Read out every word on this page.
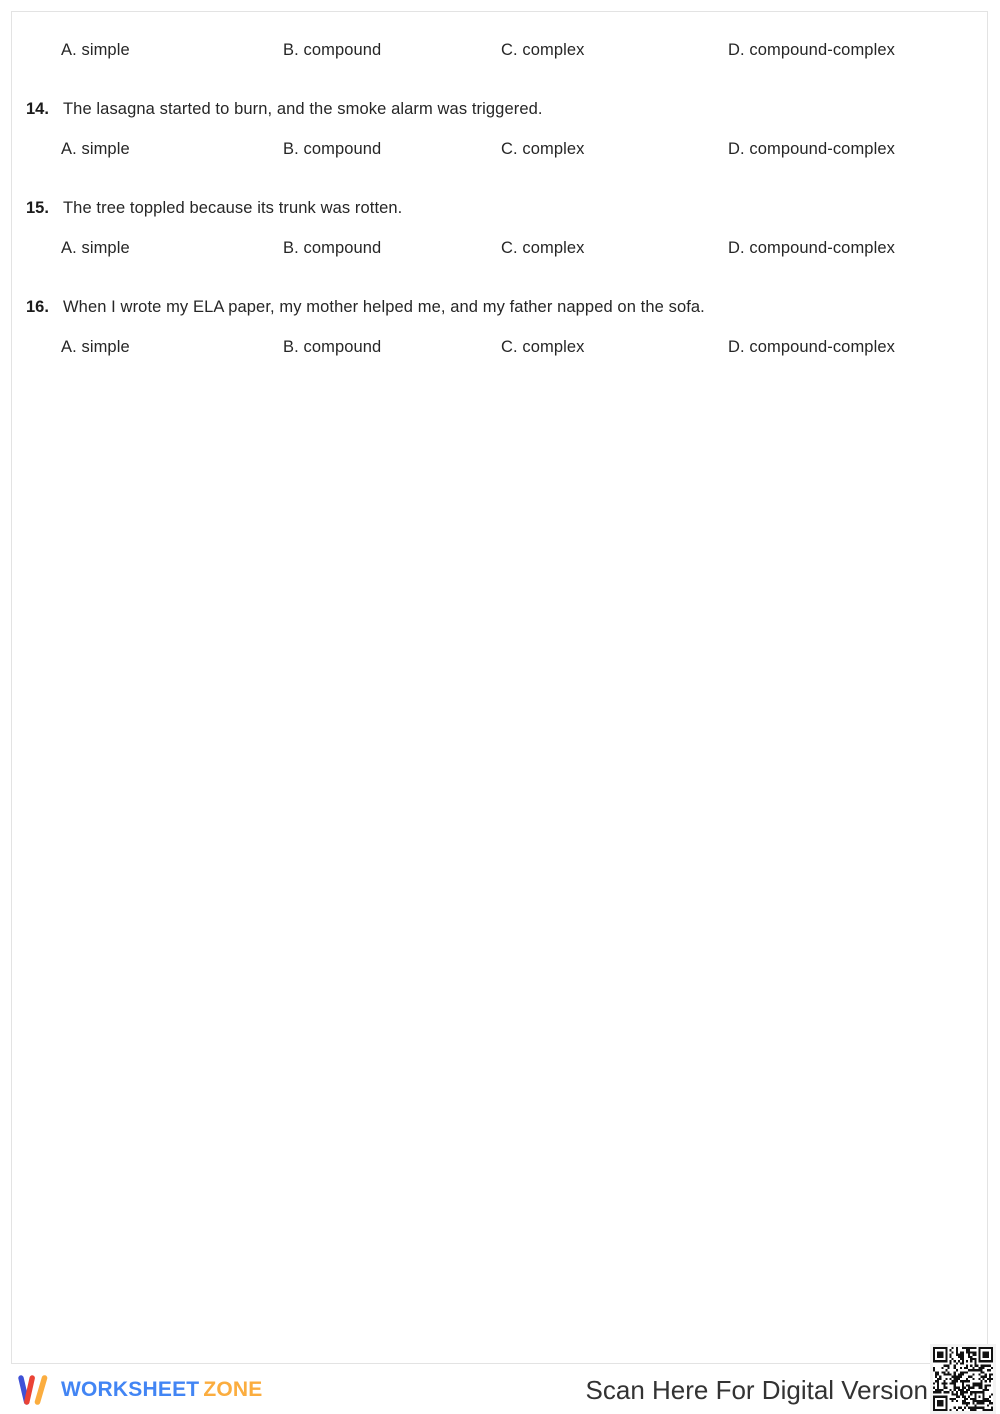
A. simple	B. compound	C. complex	D. compound-complex
14. The lasagna started to burn, and the smoke alarm was triggered.
A. simple	B. compound	C. complex	D. compound-complex
15. The tree toppled because its trunk was rotten.
A. simple	B. compound	C. complex	D. compound-complex
16. When I wrote my ELA paper, my mother helped me, and my father napped on the sofa.
A. simple	B. compound	C. complex	D. compound-complex
WORKSHEET ZONE	Scan Here For Digital Version
